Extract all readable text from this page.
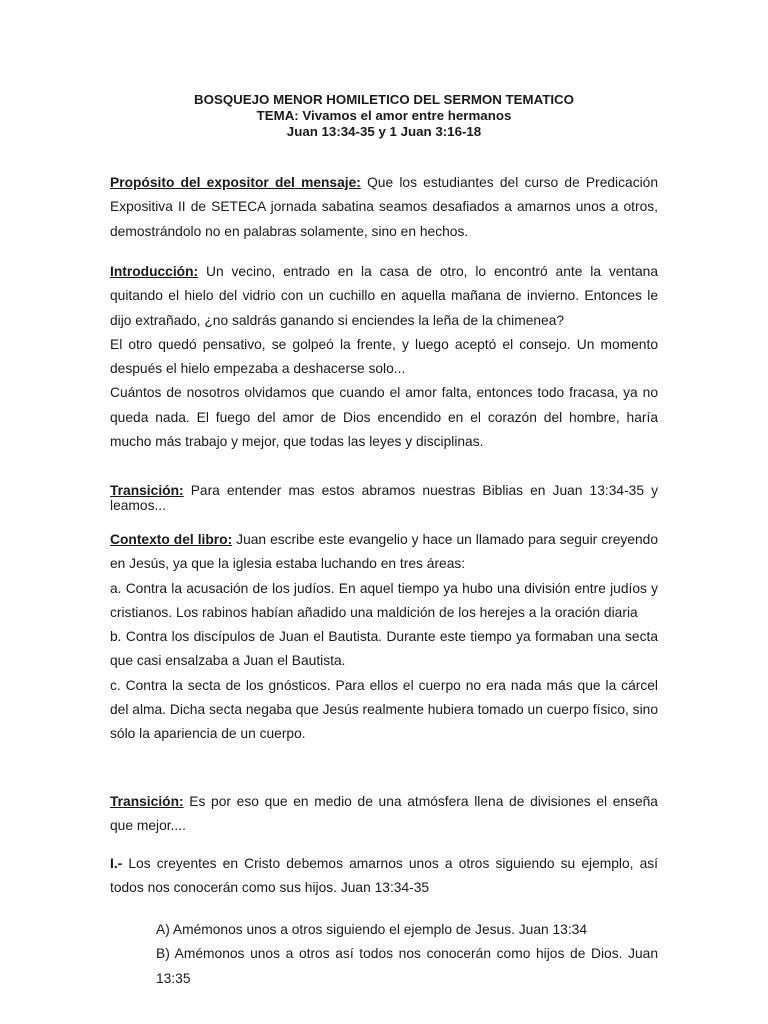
BOSQUEJO MENOR HOMILETICO DEL SERMON TEMATICO
TEMA: Vivamos el amor entre hermanos
Juan 13:34-35 y 1 Juan 3:16-18

Propósito del expositor del mensaje: Que los estudiantes del curso de Predicación Expositiva II de SETECA jornada sabatina seamos desafiados a amarnos unos a otros, demostrándolo no en palabras solamente, sino en hechos.

Introducción: Un vecino, entrado en la casa de otro, lo encontró ante la ventana quitando el hielo del vidrio con un cuchillo en aquella mañana de invierno. Entonces le dijo extrañado, ¿no saldrás ganando si enciendes la leña de la chimenea?
El otro quedó pensativo, se golpeó la frente, y luego aceptó el consejo. Un momento después el hielo empezaba a deshacerse solo...
Cuántos de nosotros olvidamos que cuando el amor falta, entonces todo fracasa, ya no queda nada. El fuego del amor de Dios encendido en el corazón del hombre, haría mucho más trabajo y mejor, que todas las leyes y disciplinas.

Transición: Para entender mas estos abramos nuestras Biblias en Juan 13:34-35 y leamos...

Contexto del libro: Juan escribe este evangelio y hace un llamado para seguir creyendo en Jesús, ya que la iglesia estaba luchando en tres áreas:
a. Contra la acusación de los judíos. En aquel tiempo ya hubo una división entre judíos y cristianos. Los rabinos habían añadido una maldición de los herejes a la oración diaria
b. Contra los discípulos de Juan el Bautista. Durante este tiempo ya formaban una secta que casi ensalzaba a Juan el Bautista.
c. Contra la secta de los gnósticos. Para ellos el cuerpo no era nada más que la cárcel del alma. Dicha secta negaba que Jesús realmente hubiera tomado un cuerpo físico, sino sólo la apariencia de un cuerpo.

Transición: Es por eso que en medio de una atmósfera llena de divisiones el enseña que mejor....

I.- Los creyentes en Cristo debemos amarnos unos a otros siguiendo su ejemplo, así todos nos conocerán como sus hijos. Juan 13:34-35

A) Amémonos unos a otros siguiendo el ejemplo de Jesus. Juan 13:34
B) Amémonos unos a otros así todos nos conocerán como hijos de Dios. Juan 13:35
